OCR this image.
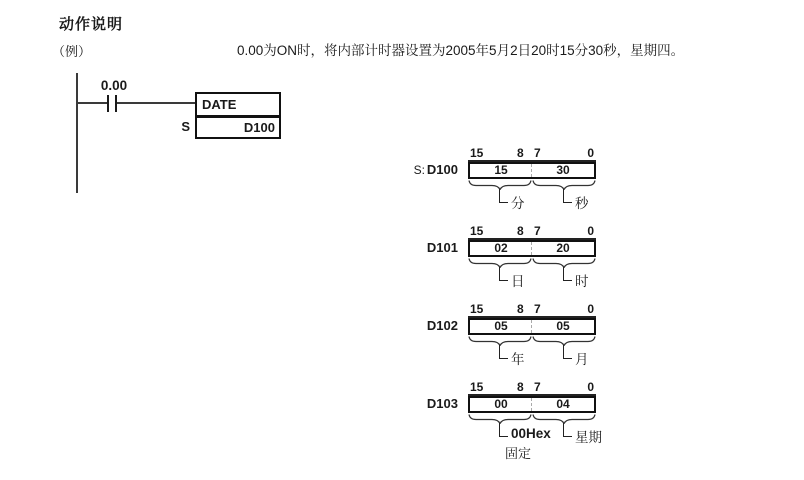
动作说明
（例）	0.00为ON时，将内部计时器设置为2005年5月2日20时15分30秒，星期四。
0.00
DATE
D100
S
S: D100
15	8 7	0
15	30
分	秒
D101
15	8 7	0
02	20
日	时
D102
15	8 7	0
05	05
年	月
D103
15	8 7	0
00	04
00Hex 星期
固定
